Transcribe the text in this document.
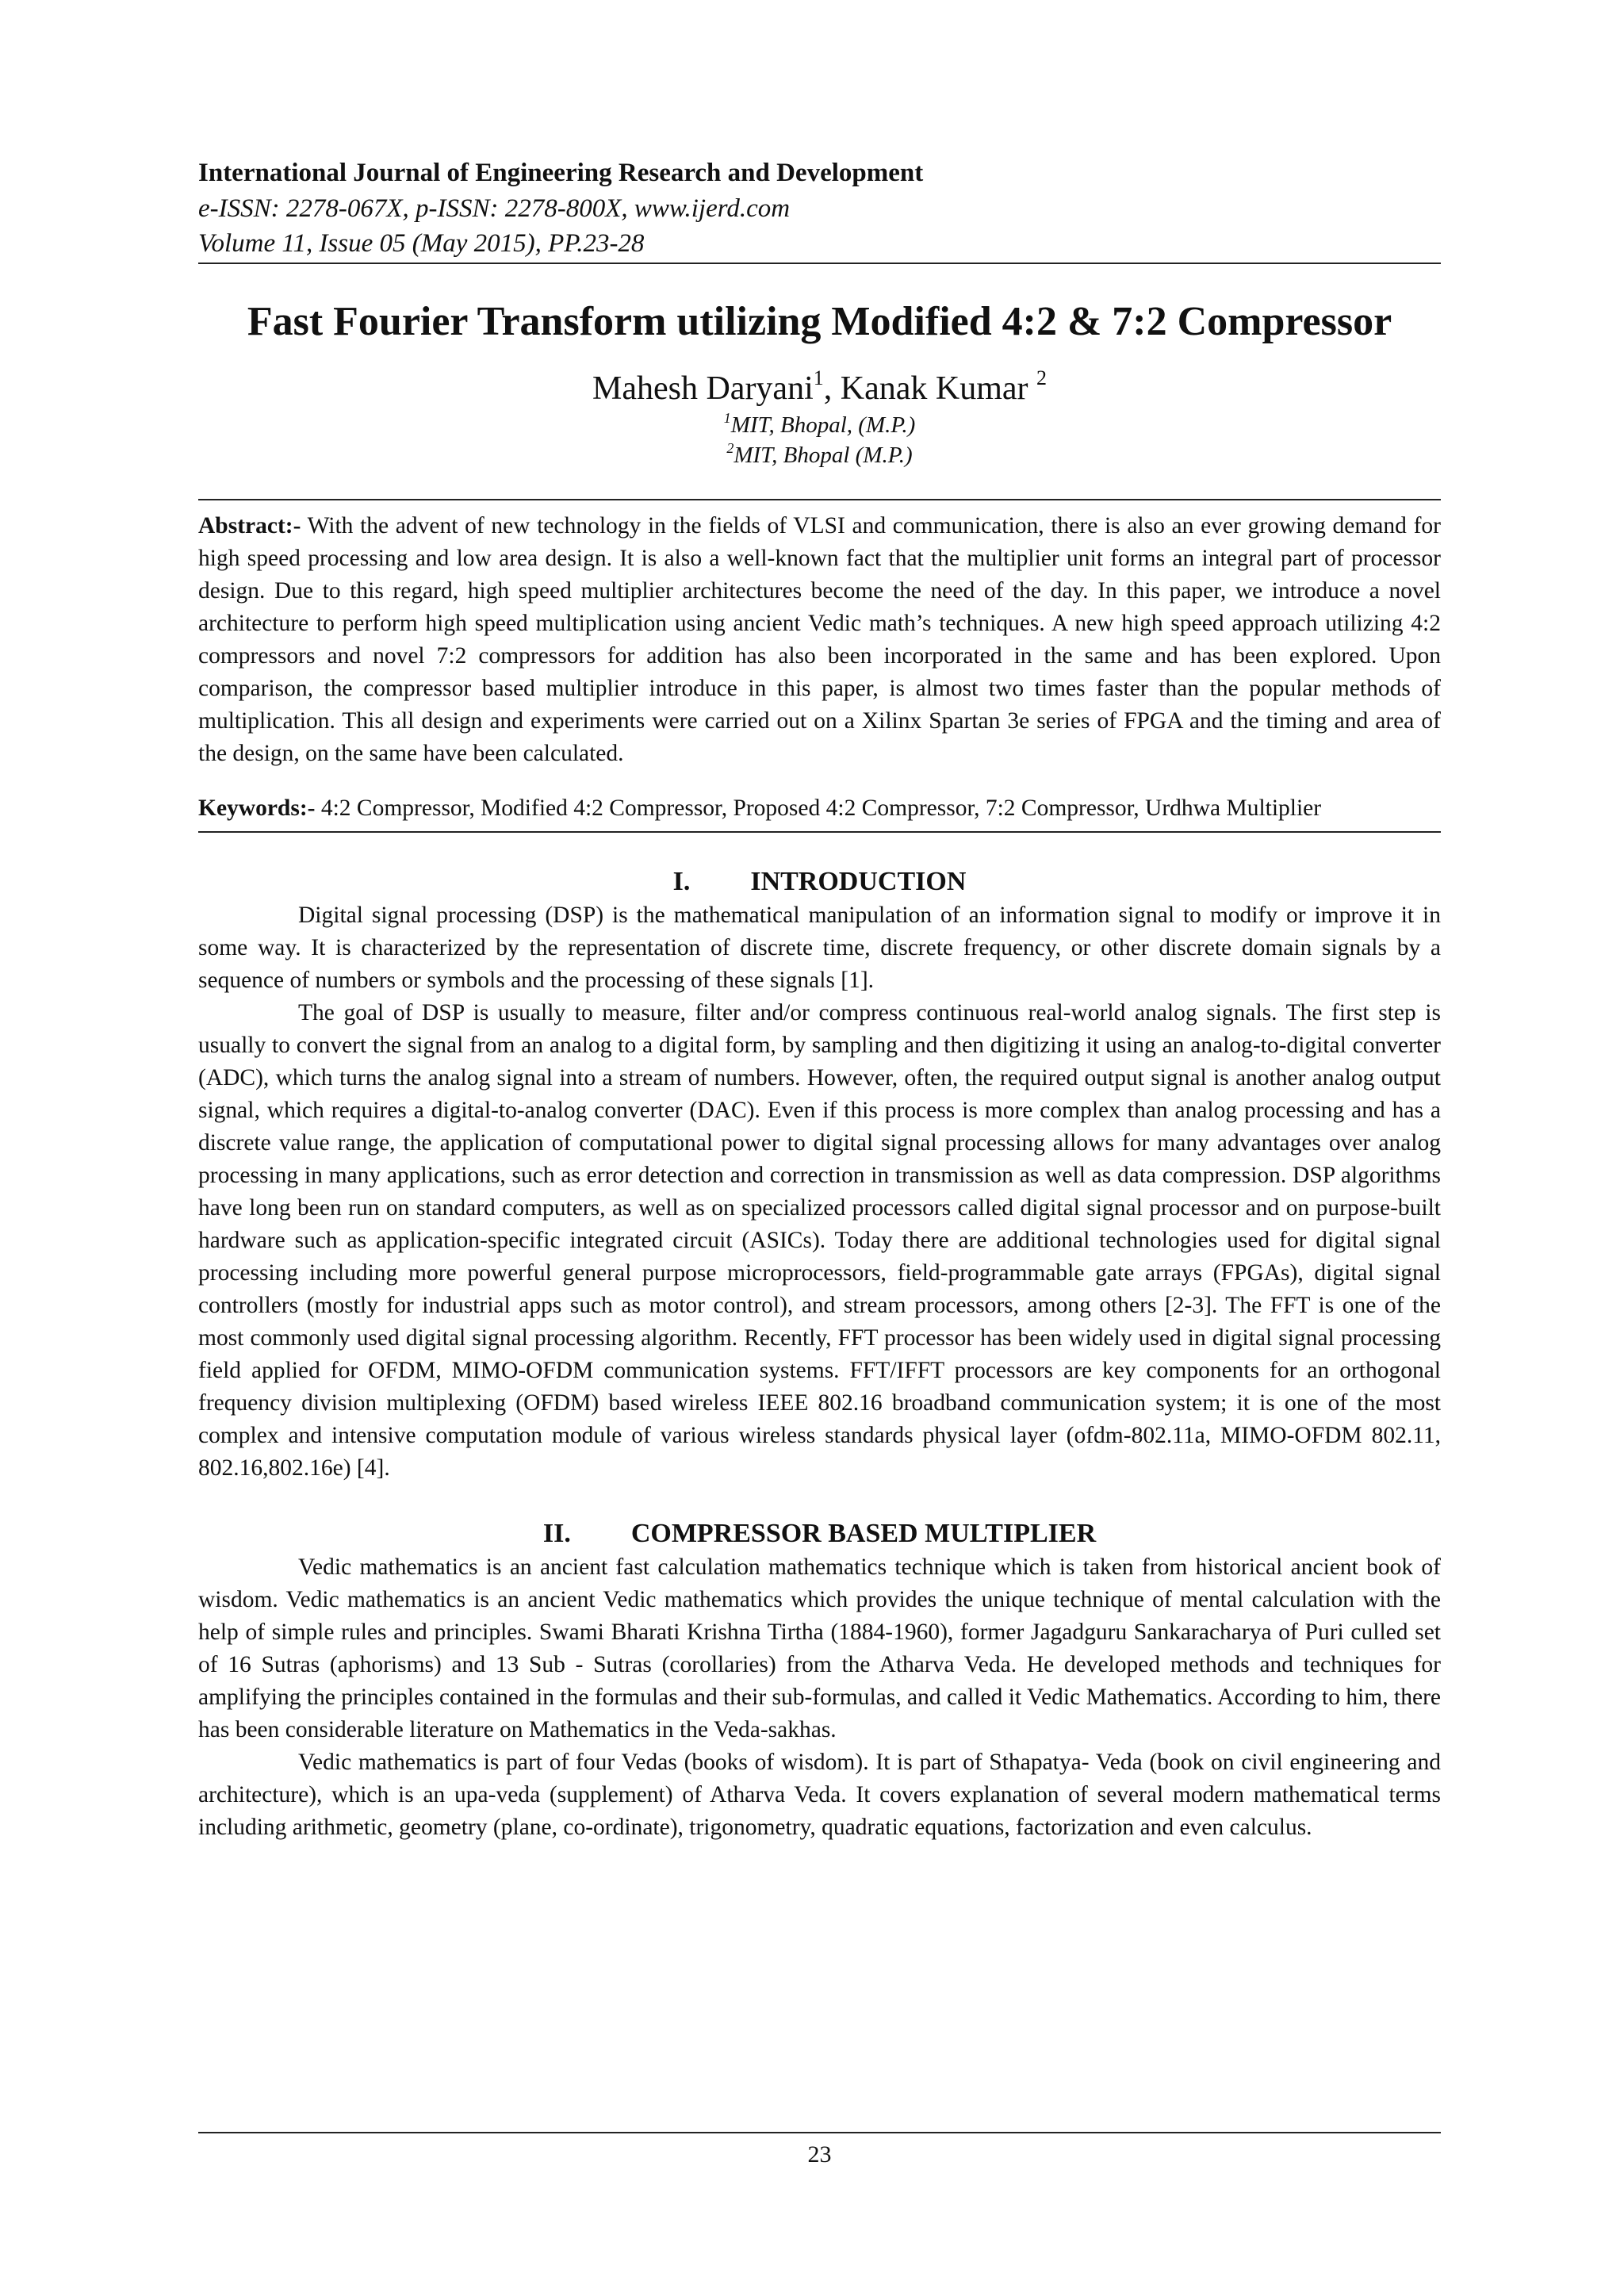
International Journal of Engineering Research and Development
e-ISSN: 2278-067X, p-ISSN: 2278-800X, www.ijerd.com
Volume 11, Issue 05 (May 2015), PP.23-28
Fast Fourier Transform utilizing Modified 4:2 & 7:2 Compressor
Mahesh Daryani$^1$, Kanak Kumar $^2$
$^1$MIT, Bhopal, (M.P.)
$^2$MIT, Bhopal (M.P.)
Abstract:- With the advent of new technology in the fields of VLSI and communication, there is also an ever growing demand for high speed processing and low area design. It is also a well-known fact that the multiplier unit forms an integral part of processor design. Due to this regard, high speed multiplier architectures become the need of the day. In this paper, we introduce a novel architecture to perform high speed multiplication using ancient Vedic math’s techniques. A new high speed approach utilizing 4:2 compressors and novel 7:2 compressors for addition has also been incorporated in the same and has been explored. Upon comparison, the compressor based multiplier introduce in this paper, is almost two times faster than the popular methods of multiplication. This all design and experiments were carried out on a Xilinx Spartan 3e series of FPGA and the timing and area of the design, on the same have been calculated.
Keywords:- 4:2 Compressor, Modified 4:2 Compressor, Proposed 4:2 Compressor, 7:2 Compressor, Urdhwa Multiplier
I. INTRODUCTION
Digital signal processing (DSP) is the mathematical manipulation of an information signal to modify or improve it in some way. It is characterized by the representation of discrete time, discrete frequency, or other discrete domain signals by a sequence of numbers or symbols and the processing of these signals [1].
The goal of DSP is usually to measure, filter and/or compress continuous real-world analog signals. The first step is usually to convert the signal from an analog to a digital form, by sampling and then digitizing it using an analog-to-digital converter (ADC), which turns the analog signal into a stream of numbers. However, often, the required output signal is another analog output signal, which requires a digital-to-analog converter (DAC). Even if this process is more complex than analog processing and has a discrete value range, the application of computational power to digital signal processing allows for many advantages over analog processing in many applications, such as error detection and correction in transmission as well as data compression. DSP algorithms have long been run on standard computers, as well as on specialized processors called digital signal processor and on purpose-built hardware such as application-specific integrated circuit (ASICs). Today there are additional technologies used for digital signal processing including more powerful general purpose microprocessors, field-programmable gate arrays (FPGAs), digital signal controllers (mostly for industrial apps such as motor control), and stream processors, among others [2-3]. The FFT is one of the most commonly used digital signal processing algorithm. Recently, FFT processor has been widely used in digital signal processing field applied for OFDM, MIMO-OFDM communication systems. FFT/IFFT processors are key components for an orthogonal frequency division multiplexing (OFDM) based wireless IEEE 802.16 broadband communication system; it is one of the most complex and intensive computation module of various wireless standards physical layer (ofdm-802.11a, MIMO-OFDM 802.11, 802.16,802.16e) [4].
II. COMPRESSOR BASED MULTIPLIER
Vedic mathematics is an ancient fast calculation mathematics technique which is taken from historical ancient book of wisdom. Vedic mathematics is an ancient Vedic mathematics which provides the unique technique of mental calculation with the help of simple rules and principles. Swami Bharati Krishna Tirtha (1884-1960), former Jagadguru Sankaracharya of Puri culled set of 16 Sutras (aphorisms) and 13 Sub - Sutras (corollaries) from the Atharva Veda. He developed methods and techniques for amplifying the principles contained in the formulas and their sub-formulas, and called it Vedic Mathematics. According to him, there has been considerable literature on Mathematics in the Veda-sakhas.
Vedic mathematics is part of four Vedas (books of wisdom). It is part of Sthapatya- Veda (book on civil engineering and architecture), which is an upa-veda (supplement) of Atharva Veda. It covers explanation of several modern mathematical terms including arithmetic, geometry (plane, co-ordinate), trigonometry, quadratic equations, factorization and even calculus.
23
